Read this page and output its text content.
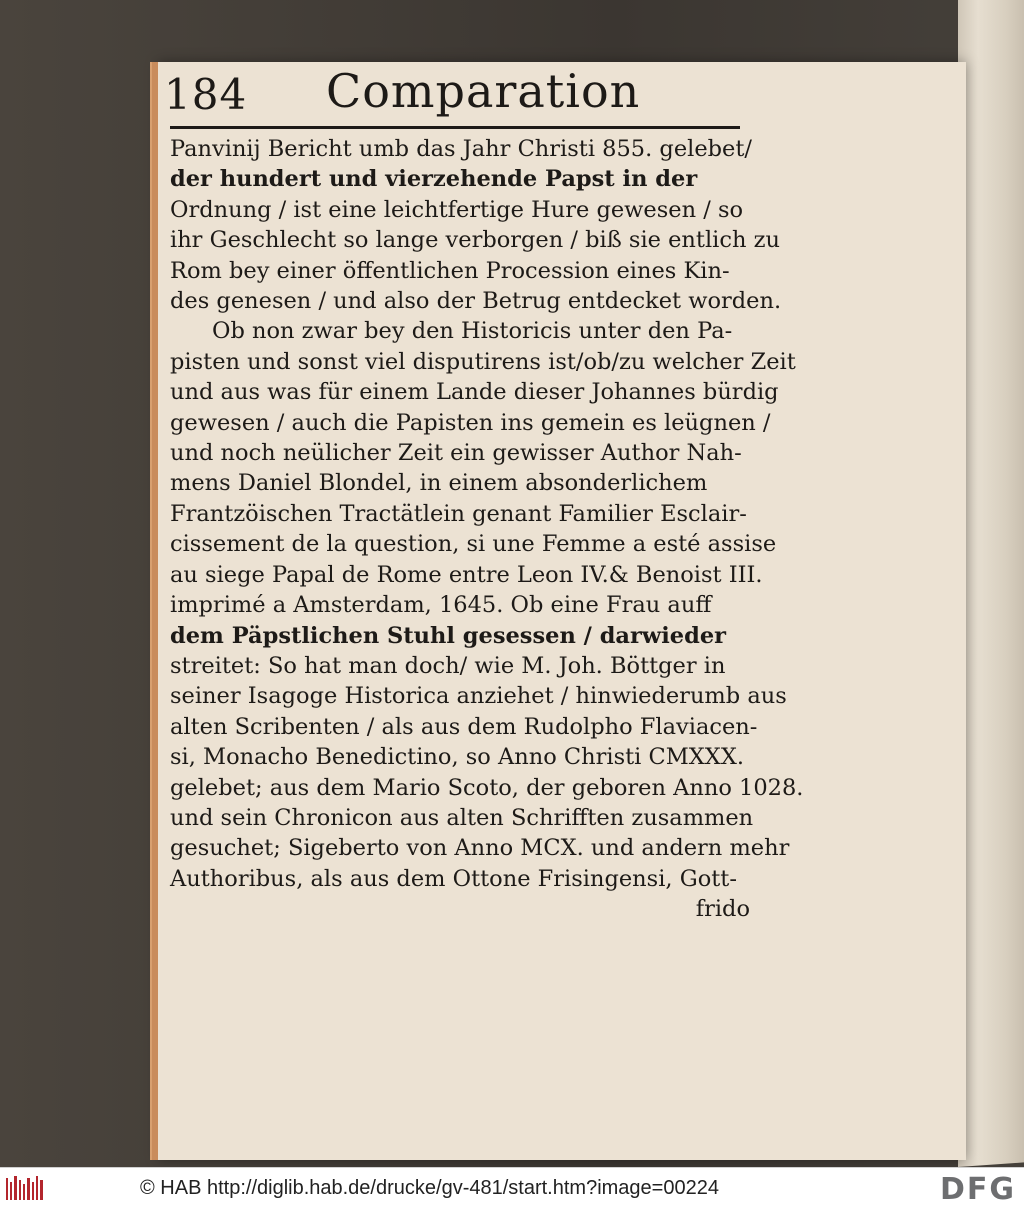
184 Comparation
Panvinij Bericht umb das Jahr Christi 855. gelebet/
der hundert und vierzehende Papst in der
Ordnung / ist eine leichtfertige Hure gewesen / so
ihr Geschlecht so lange verborgen / biß sie entlich zu
Rom bey einer öffentlichen Procession eines Kin-
des genesen / und also der Betrug entdecket worden.
Ob non zwar bey den Historicis unter den Pa-
pisten und sonst viel disputirens ist/ob/zu welcher Zeit
und aus was für einem Lande dieser Johannes bürdig
gewesen / auch die Papisten ins gemein es leügnen /
und noch neülicher Zeit ein gewisser Author Nah-
mens Daniel Blondel, in einem absonderlichem
Frantzöischen Tractätlein genant Familier Esclair-
cissement de la question, si une Femme a esté assise
au siege Papal de Rome entre Leon IV.& Benoist III.
imprimé a Amsterdam, 1645. Ob eine Frau auff
dem Päpstlichen Stuhl gesessen / darwieder
streitet: So hat man doch/ wie M. Joh. Böttger in
seiner Isagoge Historica anziehet / hinwiederumb aus
alten Scribenten / als aus dem Rudolpho Flaviacen-
si, Monacho Benedictino, so Anno Christi CMXXX.
gelebet; aus dem Mario Scoto, der geboren Anno 1028.
und sein Chronicon aus alten Schrifften zusammen
gesuchet; Sigeberto von Anno MCX. und andern mehr
Authoribus, als aus dem Ottone Frisingensi, Gott-
frido
© HAB http://diglib.hab.de/drucke/gv-481/start.htm?image=00224	DFG
